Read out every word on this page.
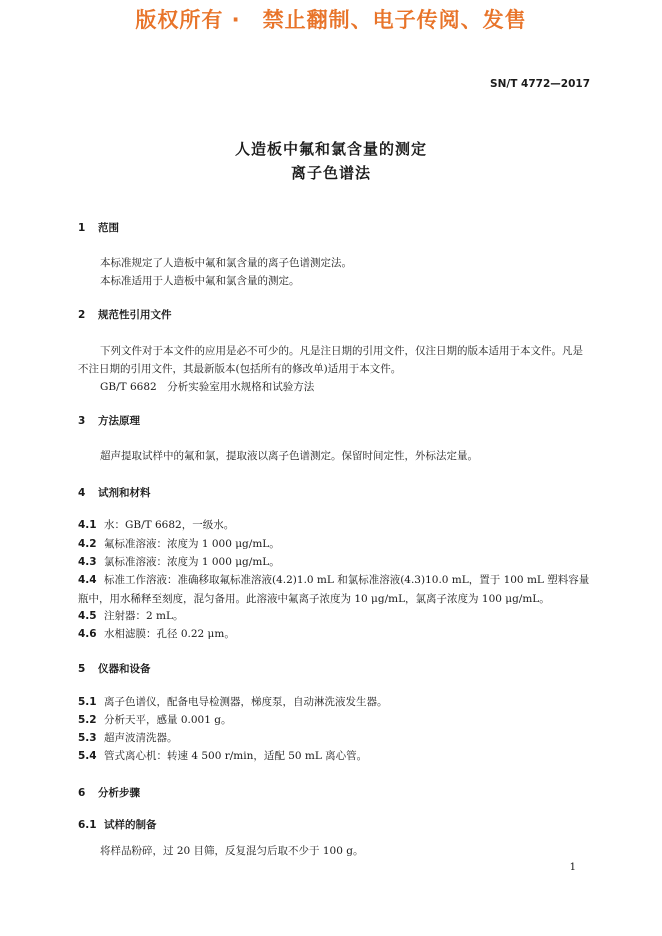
版权所有 ·　禁止翻制、电子传阅、发售
SN/T 4772—2017
人造板中氟和氯含量的测定
离子色谱法
1 范围
本标准规定了人造板中氟和氯含量的离子色谱测定法。
本标准适用于人造板中氟和氯含量的测定。
2 规范性引用文件
下列文件对于本文件的应用是必不可少的。凡是注日期的引用文件，仅注日期的版本适用于本文件。凡是不注日期的引用文件，其最新版本(包括所有的修改单)适用于本文件。
GB/T 6682　分析实验室用水规格和试验方法
3 方法原理
超声提取试样中的氟和氯，提取液以离子色谱测定。保留时间定性，外标法定量。
4 试剂和材料
4.1 水：GB/T 6682，一级水。
4.2 氟标准溶液：浓度为 1 000 μg/mL。
4.3 氯标准溶液：浓度为 1 000 μg/mL。
4.4 标准工作溶液：准确移取氟标准溶液(4.2)1.0 mL 和氯标准溶液(4.3)10.0 mL，置于 100 mL 塑料容量瓶中，用水稀释至刻度，混匀备用。此溶液中氟离子浓度为 10 μg/mL，氯离子浓度为 100 μg/mL。
4.5 注射器：2 mL。
4.6 水相滤膜：孔径 0.22 μm。
5 仪器和设备
5.1 离子色谱仪，配备电导检测器，梯度泵，自动淋洗液发生器。
5.2 分析天平，感量 0.001 g。
5.3 超声波清洗器。
5.4 管式离心机：转速 4 500 r/min，适配 50 mL 离心管。
6 分析步骤
6.1 试样的制备
将样品粉碎，过 20 目筛，反复混匀后取不少于 100 g。
1
